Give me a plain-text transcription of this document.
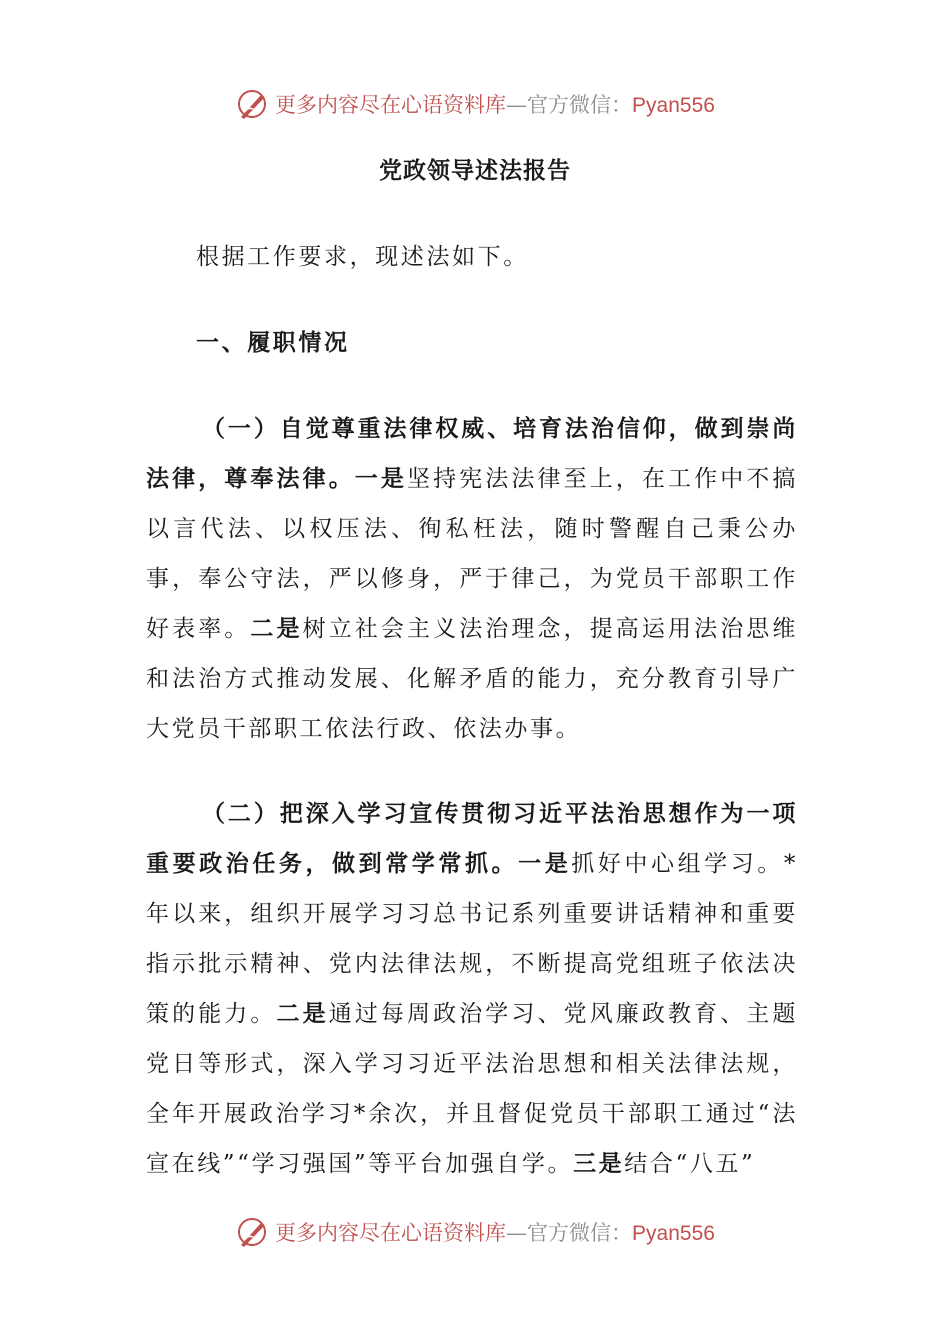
更多内容尽在心语资料库—官方微信：Pyan556
党政领导述法报告
根据工作要求，现述法如下。
一、履职情况
（一）自觉尊重法律权威、培育法治信仰，做到崇尚法律，尊奉法律。一是坚持宪法法律至上，在工作中不搞以言代法、以权压法、徇私枉法，随时警醒自己秉公办事，奉公守法，严以修身，严于律己，为党员干部职工作好表率。二是树立社会主义法治理念，提高运用法治思维和法治方式推动发展、化解矛盾的能力，充分教育引导广大党员干部职工依法行政、依法办事。
（二）把深入学习宣传贯彻习近平法治思想作为一项重要政治任务，做到常学常抓。一是抓好中心组学习。*年以来，组织开展学习习总书记系列重要讲话精神和重要指示批示精神、党内法律法规，不断提高党组班子依法决策的能力。二是通过每周政治学习、党风廉政教育、主题党日等形式，深入学习习近平法治思想和相关法律法规，全年开展政治学习*余次，并且督促党员干部职工通过“法宣在线”“学习强国”等平台加强自学。三是结合“八五”
更多内容尽在心语资料库—官方微信：Pyan556
